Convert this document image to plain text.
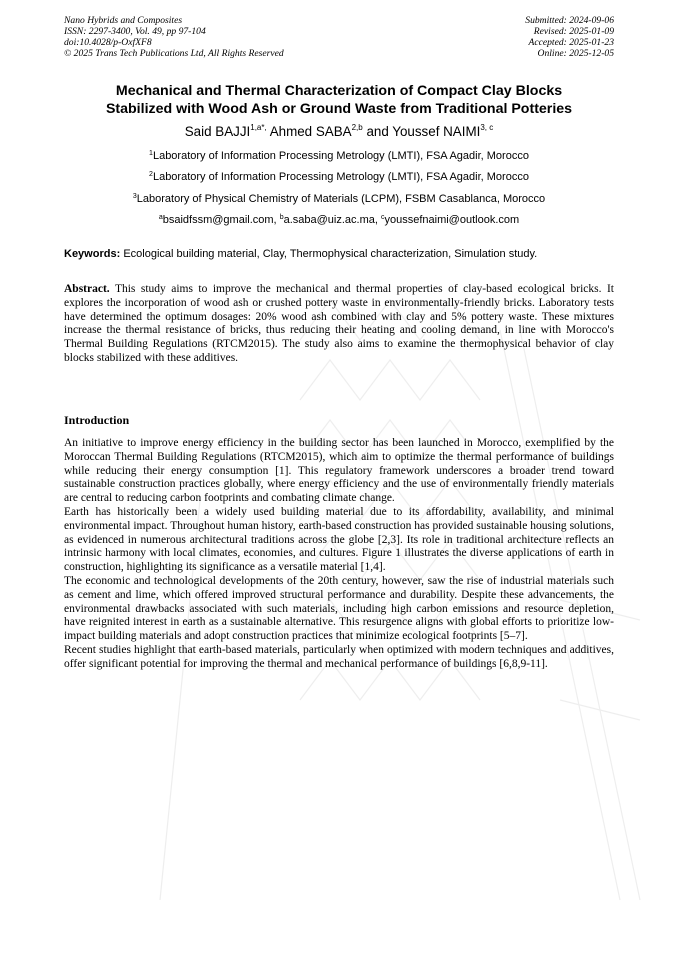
Nano Hybrids and Composites
ISSN: 2297-3400, Vol. 49, pp 97-104
doi:10.4028/p-OxfXF8
© 2025 Trans Tech Publications Ltd, All Rights Reserved
Submitted: 2024-09-06
Revised: 2025-01-09
Accepted: 2025-01-23
Online: 2025-12-05
Mechanical and Thermal Characterization of Compact Clay Blocks
Stabilized with Wood Ash or Ground Waste from Traditional Potteries
Said $BAJJI^{1,a*,}$ Ahmed SABA$^{2,b}$ and Youssef NAIMI$^{3, c}$
$^1$Laboratory of Information Processing Metrology (LMTI), FSA Agadir, Morocco
$^2$Laboratory of Information Processing Metrology (LMTI), FSA Agadir, Morocco
$^3$Laboratory of Physical Chemistry of Materials (LCPM), FSBM Casablanca, Morocco
$^a$bsaidfssm@gmail.com, $^b$a.saba@uiz.ac.ma, $^c$youssefnaimi@outlook.com
Keywords: Ecological building material, Clay, Thermophysical characterization, Simulation study.

Abstract. This study aims to improve the mechanical and thermal properties of clay-based ecological bricks. It explores the incorporation of wood ash or crushed pottery waste in environmentally-friendly bricks. Laboratory tests have determined the optimum dosages: 20% wood ash combined with clay and 5% pottery waste. These mixtures increase the thermal resistance of bricks, thus reducing their heating and cooling demand, in line with Morocco's Thermal Building Regulations (RTCM2015). The study also aims to examine the thermophysical behavior of clay blocks stabilized with these additives.

Introduction

An initiative to improve energy efficiency in the building sector has been launched in Morocco, exemplified by the Moroccan Thermal Building Regulations (RTCM2015), which aim to optimize the thermal performance of buildings while reducing their energy consumption [1]. This regulatory framework underscores a broader trend toward sustainable construction practices globally, where energy efficiency and the use of environmentally friendly materials are central to reducing carbon footprints and combating climate change.

Earth has historically been a widely used building material due to its affordability, availability, and minimal environmental impact. Throughout human history, earth-based construction has provided sustainable housing solutions, as evidenced in numerous architectural traditions across the globe [2,3]. Its role in traditional architecture reflects an intrinsic harmony with local climates, economies, and cultures. Figure 1 illustrates the diverse applications of earth in construction, highlighting its significance as a versatile material [1,4].

The economic and technological developments of the 20th century, however, saw the rise of industrial materials such as cement and lime, which offered improved structural performance and durability. Despite these advancements, the environmental drawbacks associated with such materials, including high carbon emissions and resource depletion, have reignited interest in earth as a sustainable alternative. This resurgence aligns with global efforts to prioritize low-impact building materials and adopt construction practices that minimize ecological footprints [5–7].

Recent studies highlight that earth-based materials, particularly when optimized with modern techniques and additives, offer significant potential for improving the thermal and mechanical performance of buildings [6,8,9-11].
